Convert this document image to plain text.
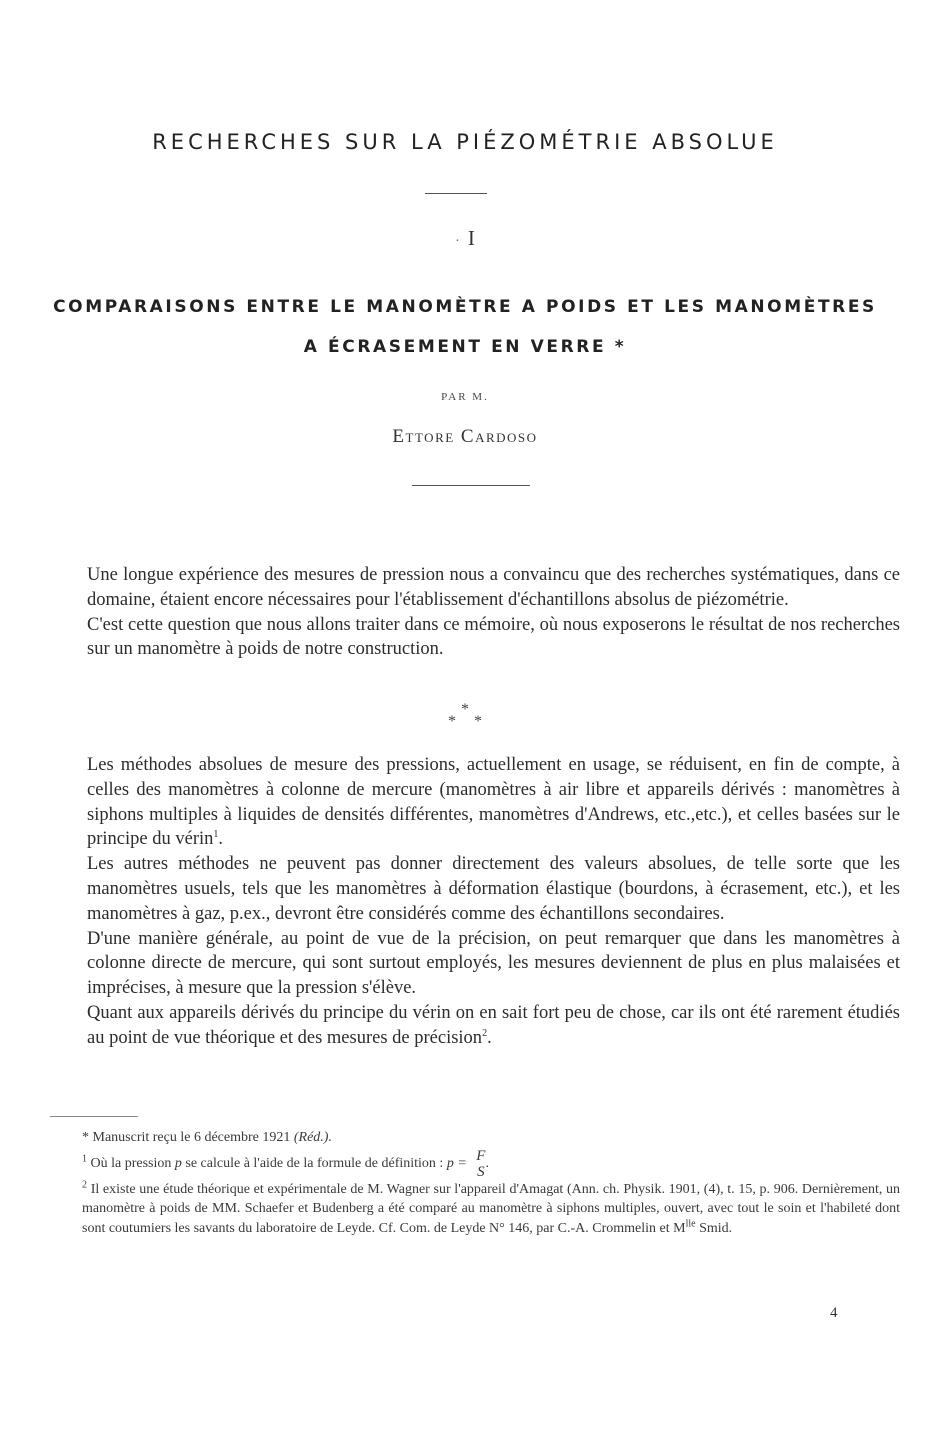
RECHERCHES SUR LA PIÉZOMÉTRIE ABSOLUE
· I
COMPARAISONS ENTRE LE MANOMÈTRE A POIDS ET LES MANOMÈTRES
A ÉCRASEMENT EN VERRE *
PAR M.
Ettore Cardoso

Une longue expérience des mesures de pression nous a convaincu que des recherches systématiques, dans ce domaine, étaient encore nécessaires pour l'établissement d'échantillons absolus de piézométrie.

C'est cette question que nous allons traiter dans ce mémoire, où nous exposerons le résultat de nos recherches sur un manomètre à poids de notre construction.

*
* *

Les méthodes absolues de mesure des pressions, actuellement en usage, se réduisent, en fin de compte, à celles des manomètres à colonne de mercure (manomètres à air libre et appareils dérivés : manomètres à siphons multiples à liquides de densités différentes, manomètres d'Andrews, etc.,etc.), et celles basées sur le principe du vérin$^1$.

Les autres méthodes ne peuvent pas donner directement des valeurs absolues, de telle sorte que les manomètres usuels, tels que les manomètres à déformation élastique (bourdons, à écrasement, etc.), et les manomètres à gaz, p.ex., devront être considérés comme des échantillons secondaires.

D'une manière générale, au point de vue de la précision, on peut remarquer que dans les manomètres à colonne directe de mercure, qui sont surtout employés, les mesures deviennent de plus en plus malaisées et imprécises, à mesure que la pression s'élève.

Quant aux appareils dérivés du principe du vérin on en sait fort peu de chose, car ils ont été rarement étudiés au point de vue théorique et des mesures de précision$^2$.

* Manuscrit reçu le 6 décembre 1921 (Réd.).

$^1$ Où la pression p se calcule à l'aide de la formule de définition : p = F
S
.

$^2$ Il existe une étude théorique et expérimentale de M. Wagner sur l'appareil d'Amagat (Ann. ch. Physik. 1901, (4), t. 15, p. 906. Dernièrement, un manomètre à poids de MM. Schaefer et Budenberg a été comparé au manomètre à siphons multiples, ouvert, avec tout le soin et l'habileté dont sont coutumiers les savants du laboratoire de Leyde. Cf. Com. de Leyde N° 146, par C.-A. Crommelin et $M^{lle}$ Smid.

4
